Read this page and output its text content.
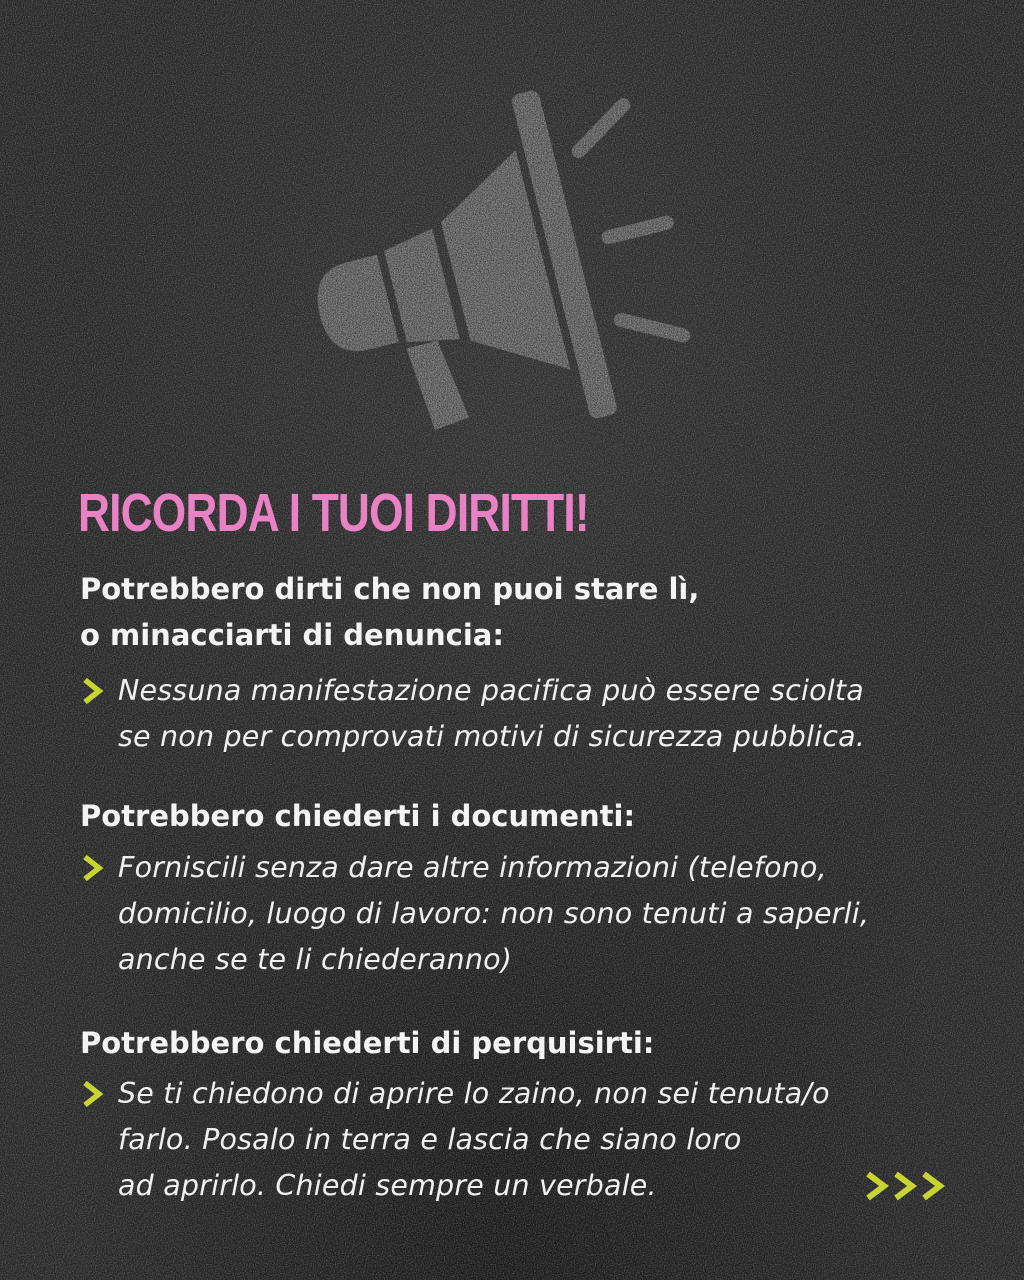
RICORDA I TUOI DIRITTI!

Potrebbero dirti che non puoi stare lì,

o minacciarti di denuncia:

Nessuna manifestazione pacifica può essere sciolta
se non per comprovati motivi di sicurezza pubblica.

Potrebbero chiederti i documenti:

Forniscili senza dare altre informazioni (telefono,
domicilio, luogo di lavoro: non sono tenuti a saperli,
anche se te li chiederanno)

Potrebbero chiederti di perquisirti:

Se ti chiedono di aprire lo zaino, non sei tenuta/o
farlo. Posalo in terra e lascia che siano loro
ad aprirlo. Chiedi sempre un verbale.
